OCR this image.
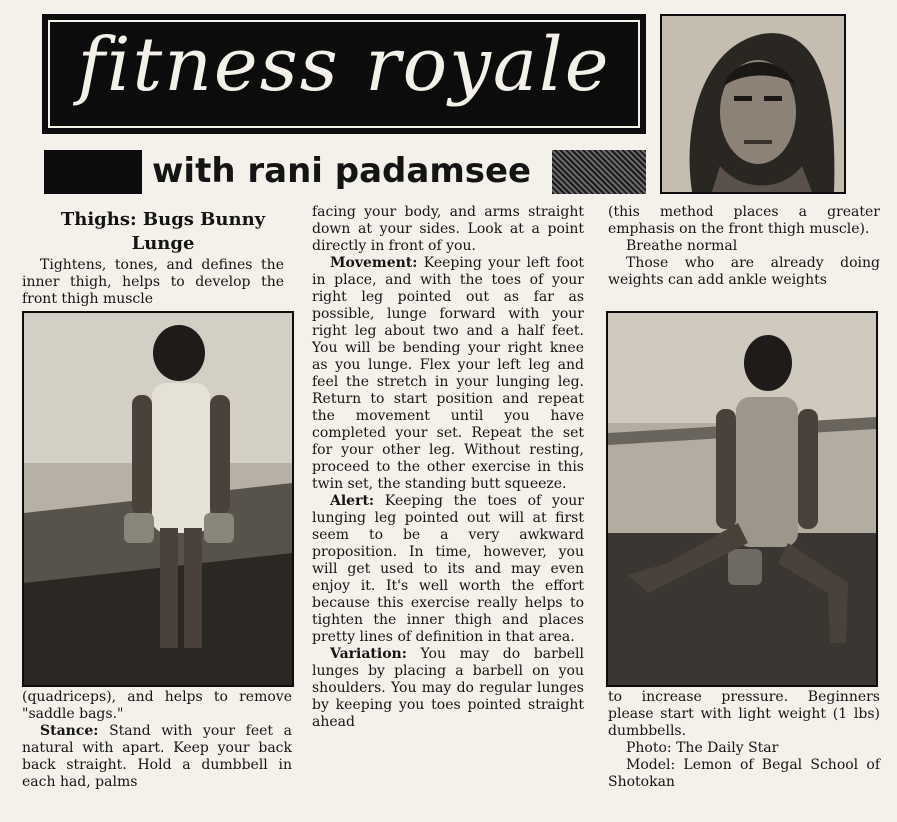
fitness royale
with rani padamsee
Thighs: Bugs Bunny Lunge
Tightens, tones, and defines the inner thigh, helps to develop the front thigh muscle

(quadriceps), and helps to remove "saddle bags."

Stance: Stand with your feet a natural with apart. Keep your back back straight. Hold a dumbbell in each had, palms

facing your body, and arms straight down at your sides. Look at a point directly in front of you.

Movement: Keeping your left foot in place, and with the toes of your right leg pointed out as far as possible, lunge forward with your right leg about two and a half feet. You will be bending your right knee as you lunge. Flex your left leg and feel the stretch in your lunging leg. Return to start position and repeat the movement until you have completed your set. Repeat the set for your other leg. Without resting, proceed to the other exercise in this twin set, the standing butt squeeze.

Alert: Keeping the toes of your lunging leg pointed out will at first seem to be a very awkward proposition. In time, however, you will get used to its and may even enjoy it. It's well worth the effort because this exercise really helps to tighten the inner thigh and places pretty lines of definition in that area.

Variation: You may do barbell lunges by placing a barbell on you shoulders. You may do regular lunges by keeping you toes pointed straight ahead

(this method places a greater emphasis on the front thigh muscle).

Breathe normal

Those who are already doing weights can add ankle weights

to increase pressure. Beginners please start with light weight (1 lbs) dumbbells.

Photo: The Daily Star

Model: Lemon of Begal School of Shotokan
